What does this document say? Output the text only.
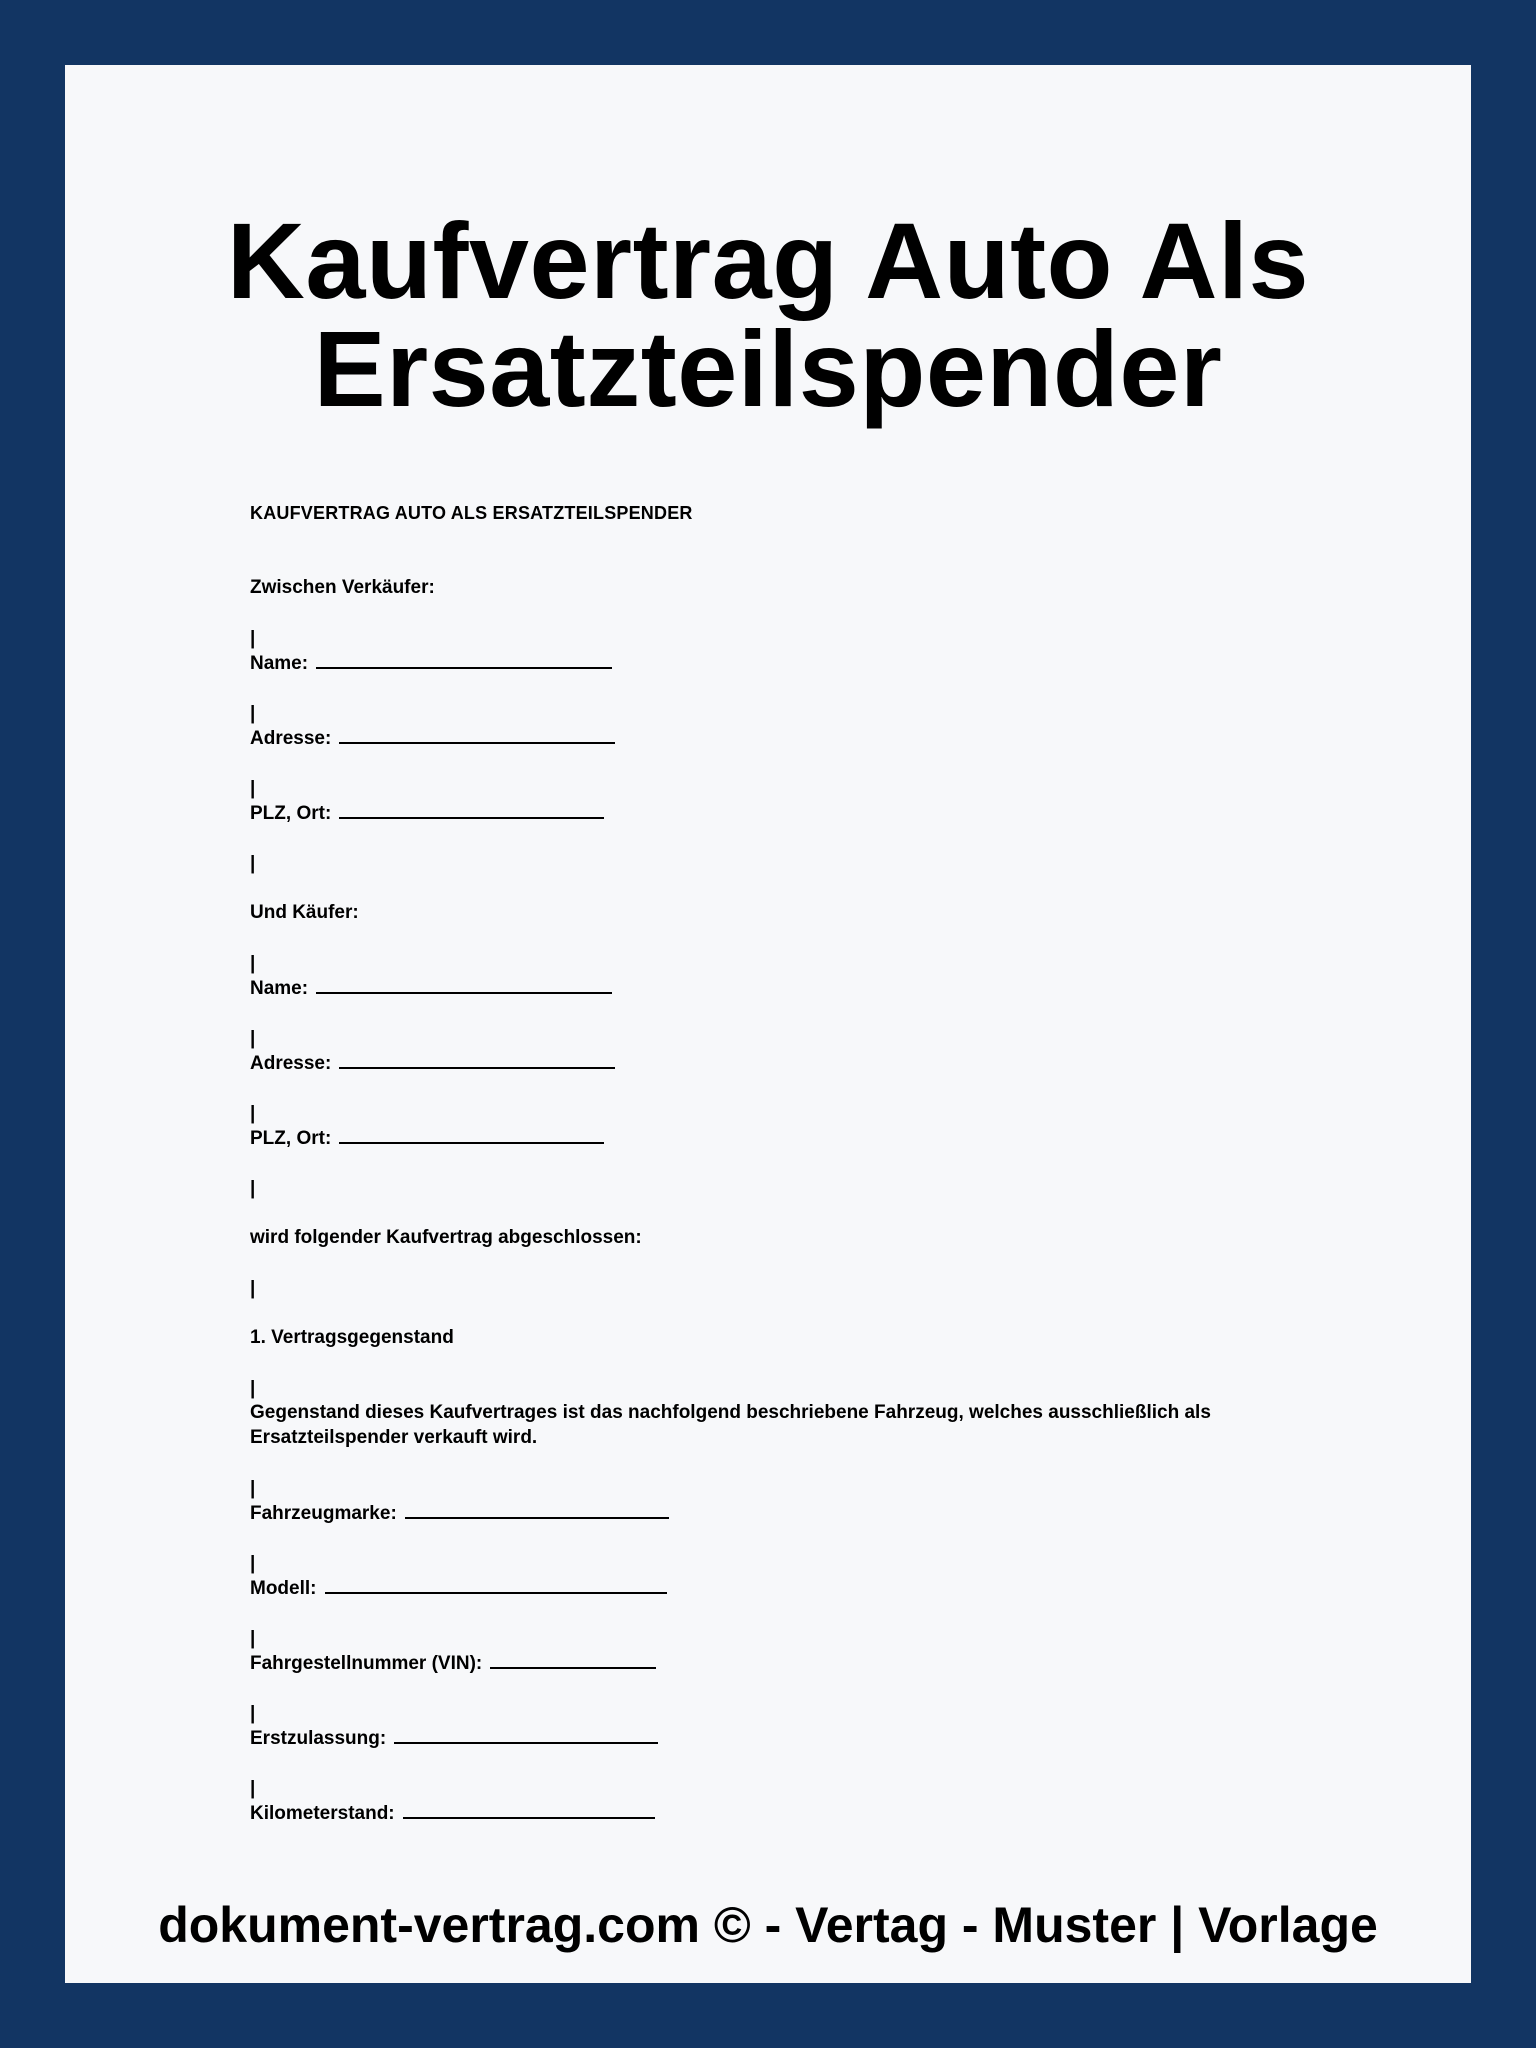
Kaufvertrag Auto Als
Ersatzteilspender
KAUFVERTRAG AUTO ALS ERSATZTEILSPENDER
Zwischen Verkäufer:
|
Name:
|
Adresse:
|
PLZ, Ort:
|
Und Käufer:
|
Name:
|
Adresse:
|
PLZ, Ort:
|
wird folgender Kaufvertrag abgeschlossen:
|
1. Vertragsgegenstand
|
Gegenstand dieses Kaufvertrages ist das nachfolgend beschriebene Fahrzeug, welches ausschließlich als Ersatzteilspender verkauft wird.
|
Fahrzeugmarke:
|
Modell:
|
Fahrgestellnummer (VIN):
|
Erstzulassung:
|
Kilometerstand:
dokument-vertrag.com © - Vertag - Muster | Vorlage
